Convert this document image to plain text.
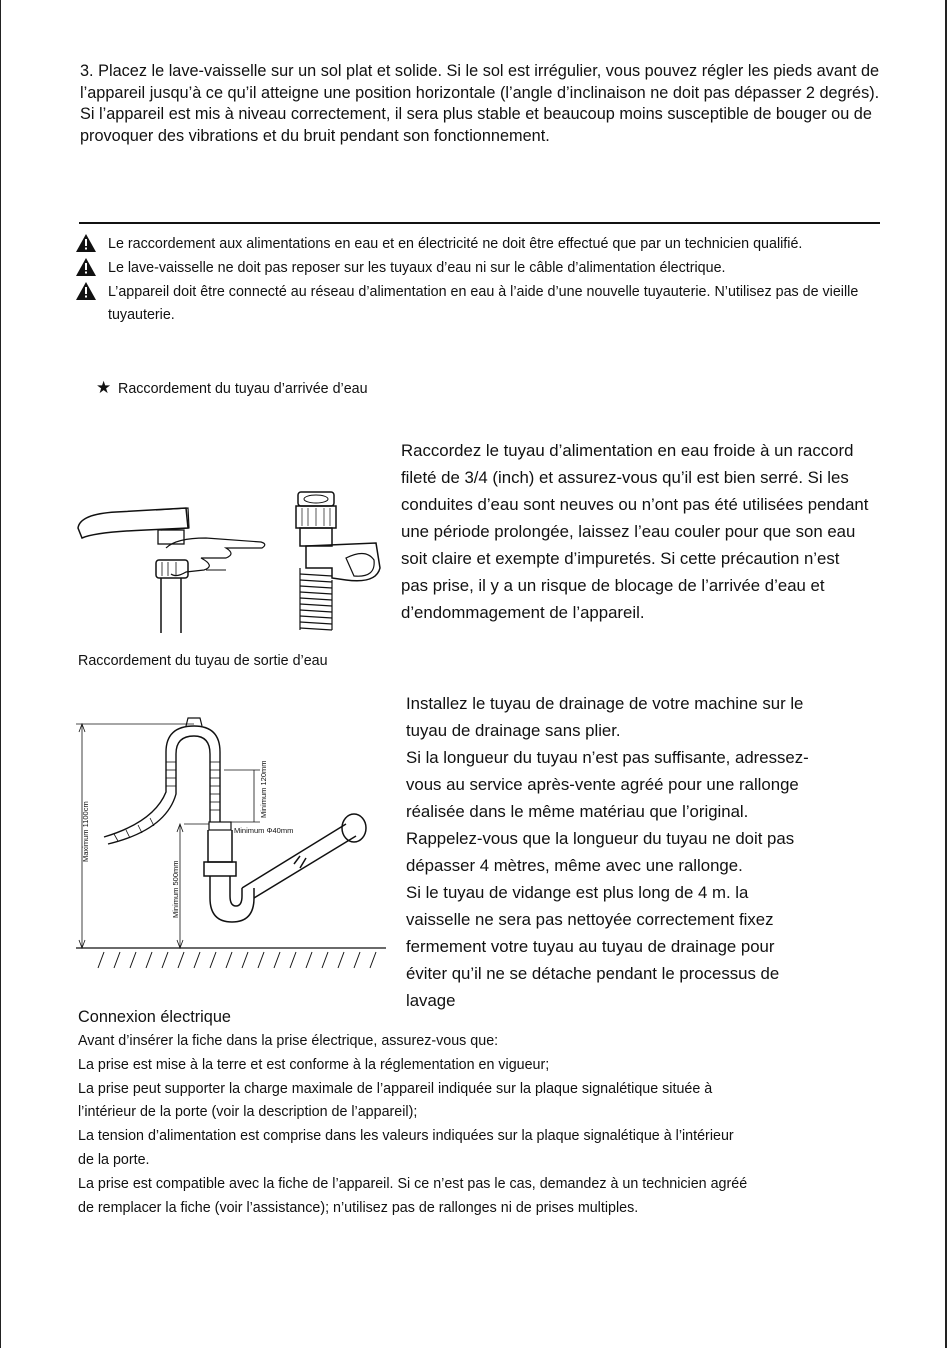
3. Placez le lave-vaisselle sur un sol plat et solide. Si le sol est irrégulier, vous pouvez régler les pieds avant de l’appareil jusqu’à ce qu’il atteigne une position horizontale (l’angle d’inclinaison ne doit pas dépasser 2 degrés). Si l’appareil est mis à niveau correctement, il sera plus stable et beaucoup moins susceptible de bouger ou de provoquer des vibrations et du bruit pendant son fonctionnement.
Le raccordement aux alimentations en eau et en électricité ne doit être effectué que par un technicien qualifié.
Le lave-vaisselle ne doit pas reposer sur les tuyaux d’eau ni sur le câble d’alimentation électrique.
L’appareil doit être connecté au réseau d’alimentation en eau à l’aide d’une nouvelle tuyauterie. N’utilisez pas de vieille tuyauterie.
★ Raccordement du tuyau d’arrivée d’eau
Raccordez le tuyau d’alimentation en eau froide à un raccord fileté de 3/4 (inch) et assurez-vous qu’il est bien serré. Si les conduites d’eau sont neuves ou n’ont pas été utilisées pendant une période prolongée, laissez l’eau couler pour que son eau soit claire et exempte d’impuretés. Si cette précaution n’est pas prise, il y a un risque de blocage de l’arrivée d’eau et d’endommagement de l’appareil.
Raccordement du tuyau de sortie d’eau
Maximum 1100cm
Minimum 120mm
Minimum Φ40mm
Minimum 500mm
Installez le tuyau de drainage de votre machine sur le
tuyau de drainage sans plier.
Si la longueur du tuyau n’est pas suffisante, adressez-
vous au service après-vente agréé pour une rallonge
réalisée dans le même matériau que l’original.
Rappelez-vous que la longueur du tuyau ne doit pas
dépasser 4 mètres, même avec une rallonge.
Si le tuyau de vidange est plus long de 4 m. la
vaisselle ne sera pas nettoyée correctement fixez
fermement votre tuyau au tuyau de drainage pour
éviter qu’il ne se détache pendant le processus de
lavage
Connexion électrique
Avant d’insérer la fiche dans la prise électrique, assurez-vous que:
La prise est mise à la terre et est conforme à la réglementation en vigueur;
La prise peut supporter la charge maximale de l’appareil indiquée sur la plaque signalétique située à
l’intérieur de la porte (voir la description de l’appareil);
La tension d’alimentation est comprise dans les valeurs indiquées sur la plaque signalétique à l’intérieur
de la porte.
La prise est compatible avec la fiche de l’appareil. Si ce n’est pas le cas, demandez à un technicien agréé
de remplacer la fiche (voir l’assistance); n’utilisez pas de rallonges ni de prises multiples.
